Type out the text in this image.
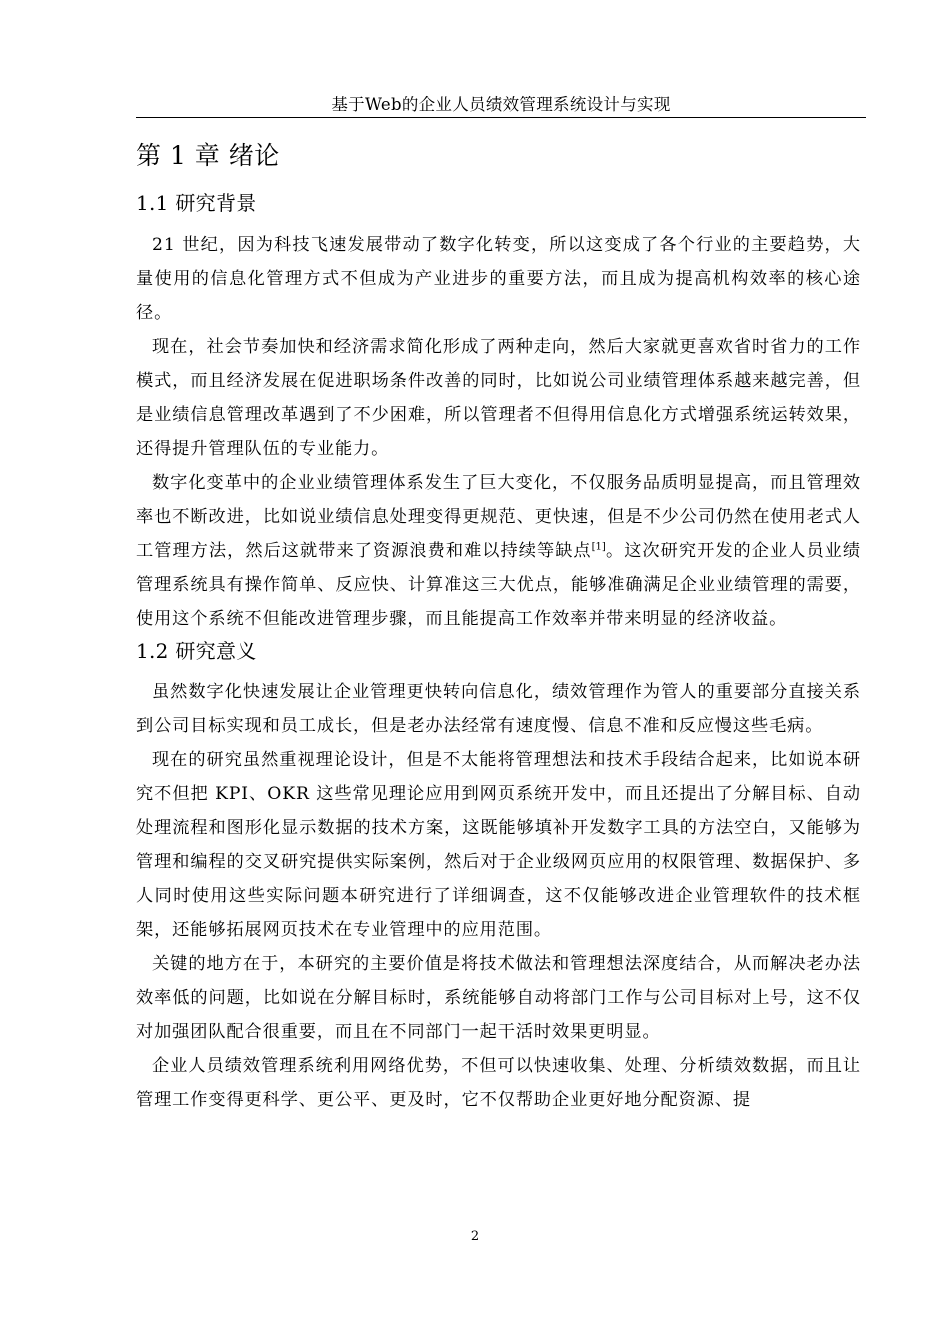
基于Web的企业人员绩效管理系统设计与实现
第 1 章 绪论
1.1 研究背景

21 世纪，因为科技飞速发展带动了数字化转变，所以这变成了各个行业的主要趋势，大量使用的信息化管理方式不但成为产业进步的重要方法，而且成为提高机构效率的核心途径。

现在，社会节奏加快和经济需求简化形成了两种走向，然后大家就更喜欢省时省力的工作模式，而且经济发展在促进职场条件改善的同时，比如说公司业绩管理体系越来越完善，但是业绩信息管理改革遇到了不少困难，所以管理者不但得用信息化方式增强系统运转效果，还得提升管理队伍的专业能力。

数字化变革中的企业业绩管理体系发生了巨大变化，不仅服务品质明显提高，而且管理效率也不断改进，比如说业绩信息处理变得更规范、更快速，但是不少公司仍然在使用老式人工管理方法，然后这就带来了资源浪费和难以持续等缺点[1]。这次研究开发的企业人员业绩管理系统具有操作简单、反应快、计算准这三大优点，能够准确满足企业业绩管理的需要，使用这个系统不但能改进管理步骤，而且能提高工作效率并带来明显的经济收益。

1.2 研究意义

虽然数字化快速发展让企业管理更快转向信息化，绩效管理作为管人的重要部分直接关系到公司目标实现和员工成长，但是老办法经常有速度慢、信息不准和反应慢这些毛病。

现在的研究虽然重视理论设计，但是不太能将管理想法和技术手段结合起来，比如说本研究不但把 KPI、OKR 这些常见理论应用到网页系统开发中，而且还提出了分解目标、自动处理流程和图形化显示数据的技术方案，这既能够填补开发数字工具的方法空白，又能够为管理和编程的交叉研究提供实际案例，然后对于企业级网页应用的权限管理、数据保护、多人同时使用这些实际问题本研究进行了详细调查，这不仅能够改进企业管理软件的技术框架，还能够拓展网页技术在专业管理中的应用范围。

关键的地方在于，本研究的主要价值是将技术做法和管理想法深度结合，从而解决老办法效率低的问题，比如说在分解目标时，系统能够自动将部门工作与公司目标对上号，这不仅对加强团队配合很重要，而且在不同部门一起干活时效果更明显。

企业人员绩效管理系统利用网络优势，不但可以快速收集、处理、分析绩效数据，而且让管理工作变得更科学、更公平、更及时，它不仅帮助企业更好地分配资源、提

2
